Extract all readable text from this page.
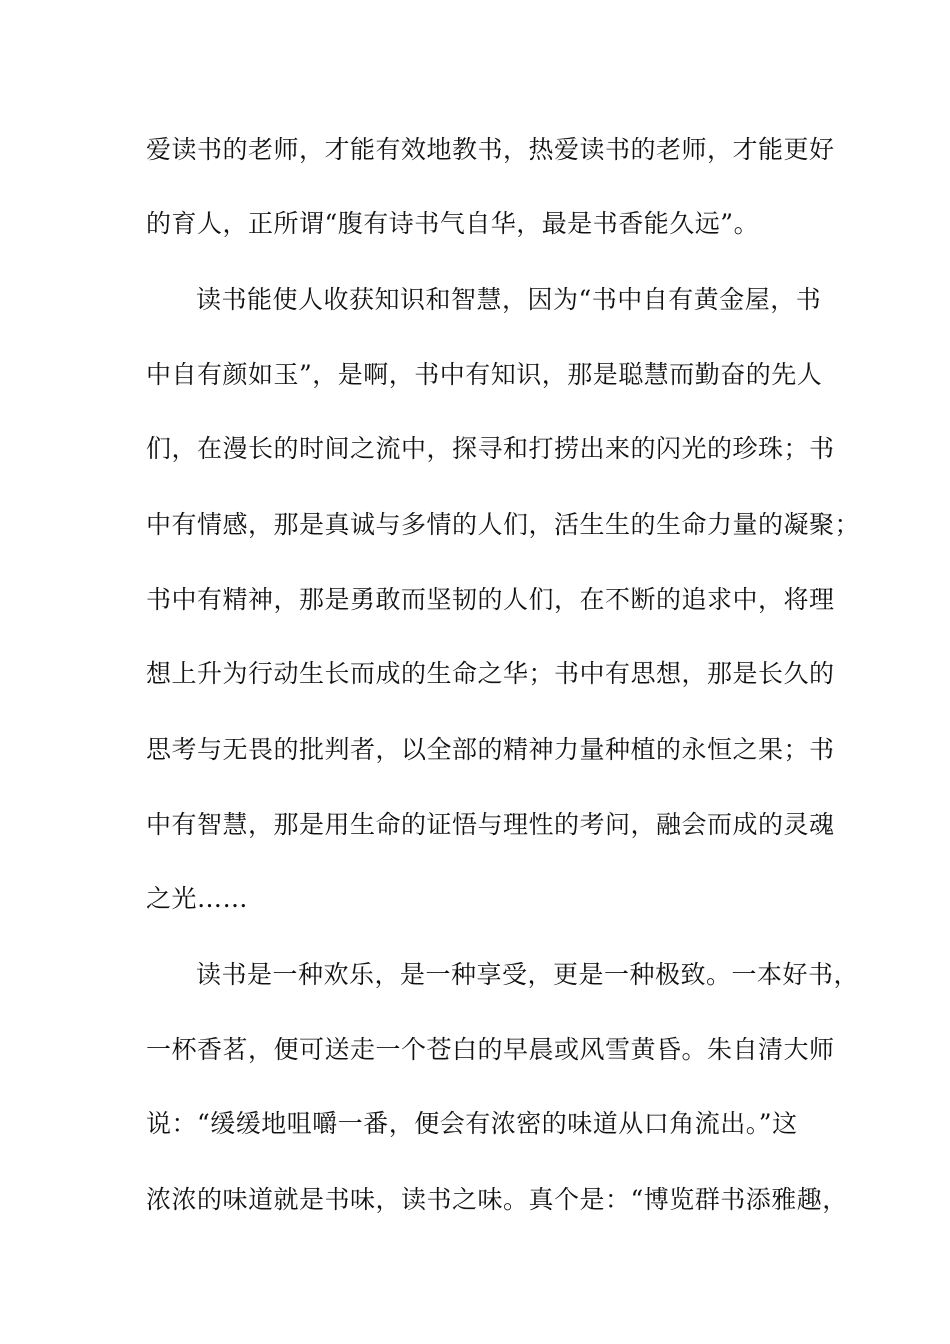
爱读书的老师，才能有效地教书，热爱读书的老师，才能更好
的育人，正所谓“腹有诗书气自华，最是书香能久远”。
读书能使人收获知识和智慧，因为“书中自有黄金屋，书
中自有颜如玉”，是啊，书中有知识，那是聪慧而勤奋的先人
们，在漫长的时间之流中，探寻和打捞出来的闪光的珍珠；书
中有情感，那是真诚与多情的人们，活生生的生命力量的凝聚；
书中有精神，那是勇敢而坚韧的人们，在不断的追求中，将理
想上升为行动生长而成的生命之华；书中有思想，那是长久的
思考与无畏的批判者，以全部的精神力量种植的永恒之果；书
中有智慧，那是用生命的证悟与理性的考问，融会而成的灵魂
之光……
读书是一种欢乐，是一种享受，更是一种极致。一本好书，
一杯香茗，便可送走一个苍白的早晨或风雪黄昏。朱自清大师
说：“缓缓地咀嚼一番，便会有浓密的味道从口角流出。”这
浓浓的味道就是书味，读书之味。真个是：“博览群书添雅趣，
